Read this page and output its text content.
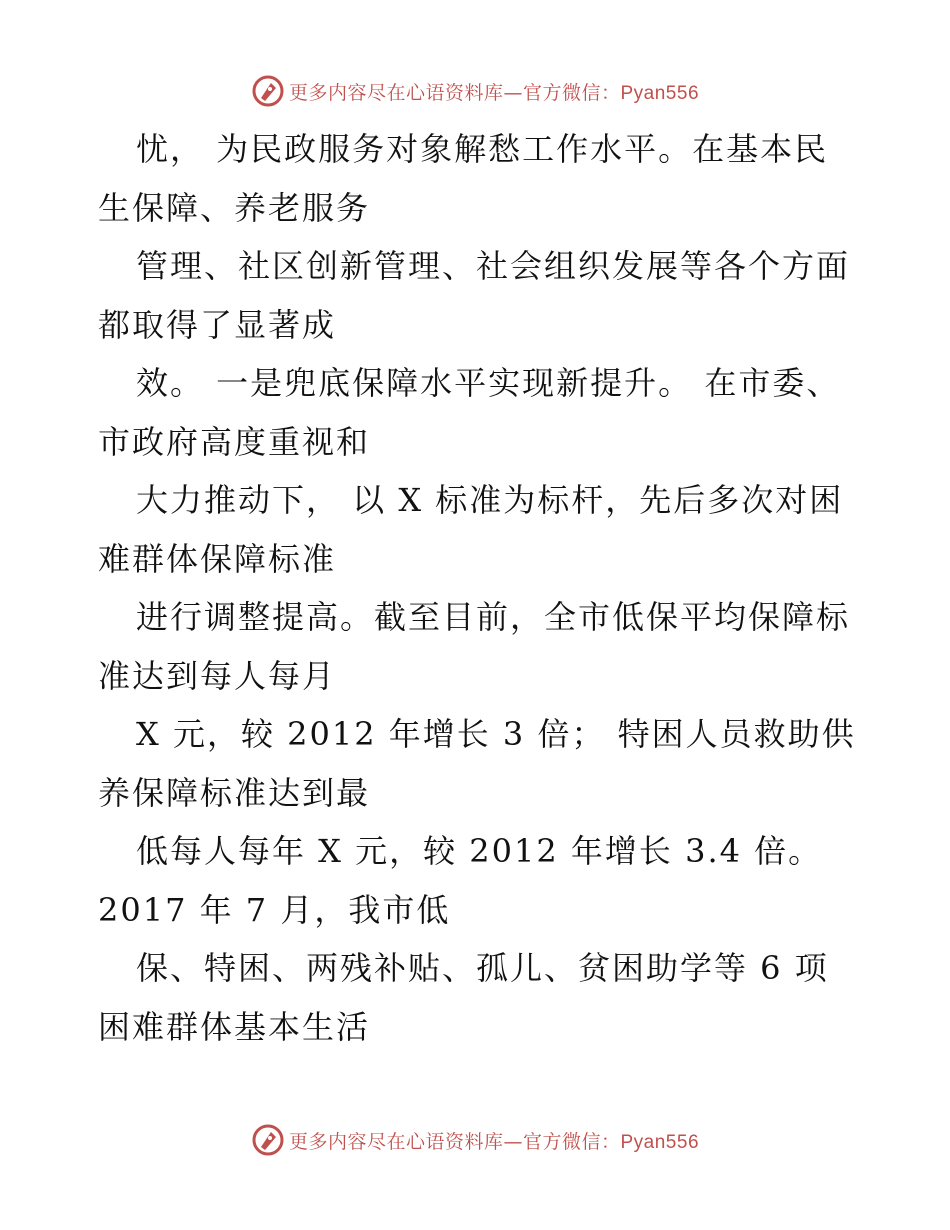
更多内容尽在心语资料库—官方微信：Pyan556
忧， 为民政服务对象解愁工作水平。在基本民
生保障、养老服务
管理、社区创新管理、社会组织发展等各个方面
都取得了显著成
效。 一是兜底保障水平实现新提升。 在市委、
市政府高度重视和
大力推动下， 以 X 标准为标杆，先后多次对困
难群体保障标准
进行调整提高。截至目前，全市低保平均保障标
准达到每人每月
X 元，较 2012 年增长 3 倍； 特困人员救助供
养保障标准达到最
低每人每年 X 元，较 2012 年增长 3.4 倍。
2017 年 7 月，我市低
保、特困、两残补贴、孤儿、贫困助学等 6 项
困难群体基本生活
更多内容尽在心语资料库—官方微信：Pyan556
